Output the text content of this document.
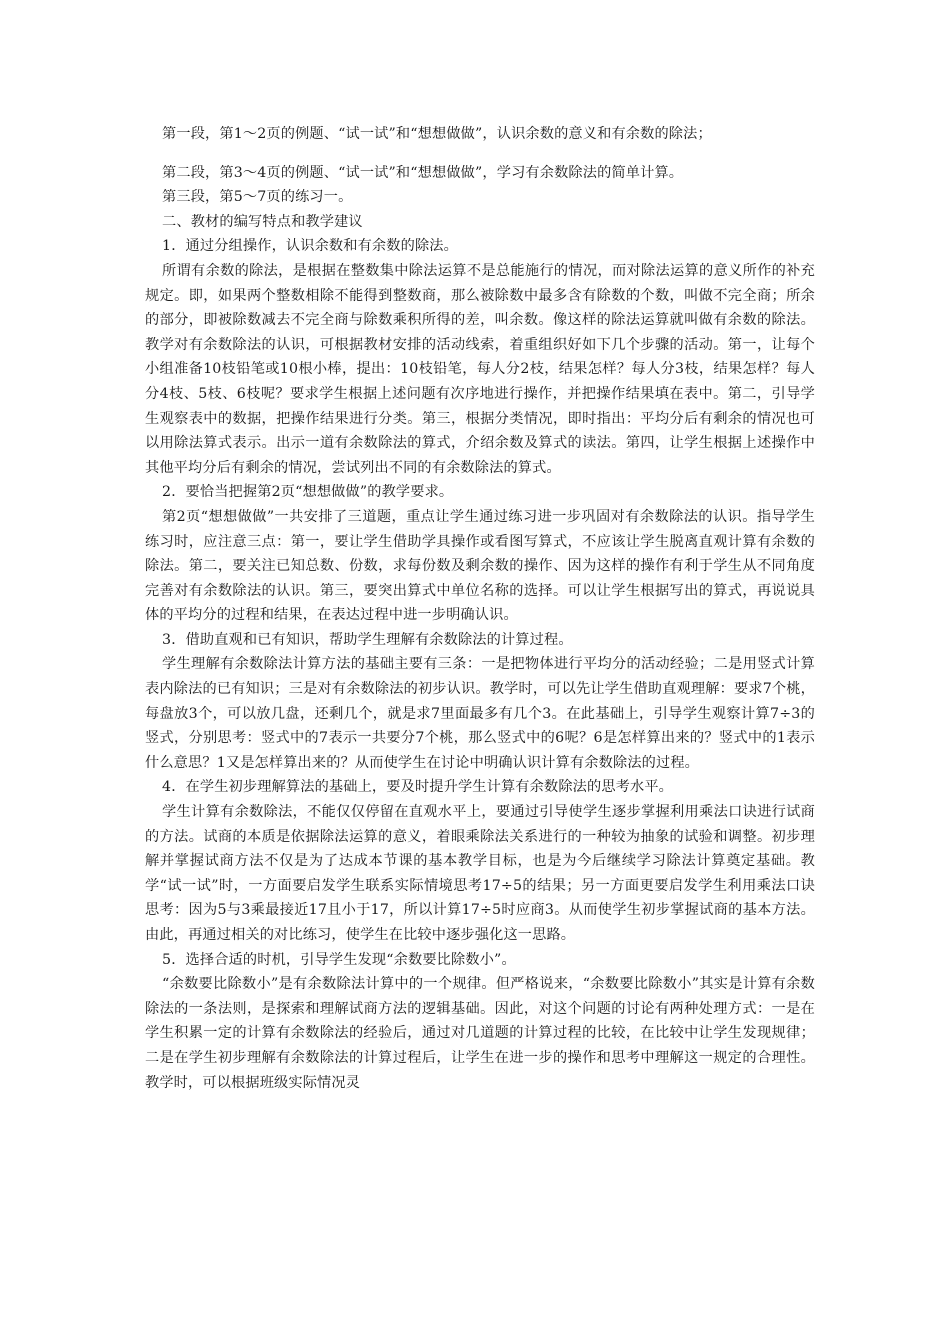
第一段，第1～2页的例题、“试一试”和“想想做做”，认识余数的意义和有余数的除法；

第二段，第3～4页的例题、“试一试”和“想想做做”，学习有余数除法的简单计算。

第三段，第5～7页的练习一。

二、教材的编写特点和教学建议

1．通过分组操作，认识余数和有余数的除法。

所谓有余数的除法，是根据在整数集中除法运算不是总能施行的情况，而对除法运算的意义所作的补充规定。即，如果两个整数相除不能得到整数商，那么被除数中最多含有除数的个数，叫做不完全商；所余的部分，即被除数减去不完全商与除数乘积所得的差，叫余数。像这样的除法运算就叫做有余数的除法。教学对有余数除法的认识，可根据教材安排的活动线索，着重组织好如下几个步骤的活动。第一，让每个小组准备10枝铅笔或10根小棒，提出：10枝铅笔，每人分2枝，结果怎样？每人分3枝，结果怎样？每人分4枝、5枝、6枝呢？要求学生根据上述问题有次序地进行操作，并把操作结果填在表中。第二，引导学生观察表中的数据，把操作结果进行分类。第三，根据分类情况，即时指出：平均分后有剩余的情况也可以用除法算式表示。出示一道有余数除法的算式，介绍余数及算式的读法。第四，让学生根据上述操作中其他平均分后有剩余的情况，尝试列出不同的有余数除法的算式。

2．要恰当把握第2页“想想做做”的教学要求。

第2页“想想做做”一共安排了三道题，重点让学生通过练习进一步巩固对有余数除法的认识。指导学生练习时，应注意三点：第一，要让学生借助学具操作或看图写算式，不应该让学生脱离直观计算有余数的除法。第二，要关注已知总数、份数，求每份数及剩余数的操作、因为这样的操作有利于学生从不同角度完善对有余数除法的认识。第三，要突出算式中单位名称的选择。可以让学生根据写出的算式，再说说具体的平均分的过程和结果，在表达过程中进一步明确认识。

3．借助直观和已有知识，帮助学生理解有余数除法的计算过程。

学生理解有余数除法计算方法的基础主要有三条：一是把物体进行平均分的活动经验；二是用竖式计算表内除法的已有知识；三是对有余数除法的初步认识。教学时，可以先让学生借助直观理解：要求7个桃，每盘放3个，可以放几盘，还剩几个，就是求7里面最多有几个3。在此基础上，引导学生观察计算7÷3的竖式，分别思考：竖式中的7表示一共要分7个桃，那么竖式中的6呢？6是怎样算出来的？竖式中的1表示什么意思？1又是怎样算出来的？从而使学生在讨论中明确认识计算有余数除法的过程。

4．在学生初步理解算法的基础上，要及时提升学生计算有余数除法的思考水平。

学生计算有余数除法，不能仅仅停留在直观水平上，要通过引导使学生逐步掌握利用乘法口诀进行试商的方法。试商的本质是依据除法运算的意义，着眼乘除法关系进行的一种较为抽象的试验和调整。初步理解并掌握试商方法不仅是为了达成本节课的基本教学目标，也是为今后继续学习除法计算奠定基础。教学“试一试”时，一方面要启发学生联系实际情境思考17÷5的结果；另一方面更要启发学生利用乘法口诀思考：因为5与3乘最接近17且小于17，所以计算17÷5时应商3。从而使学生初步掌握试商的基本方法。由此，再通过相关的对比练习，使学生在比较中逐步强化这一思路。

5．选择合适的时机，引导学生发现“余数要比除数小”。

“余数要比除数小”是有余数除法计算中的一个规律。但严格说来，“余数要比除数小”其实是计算有余数除法的一条法则，是探索和理解试商方法的逻辑基础。因此，对这个问题的讨论有两种处理方式：一是在学生积累一定的计算有余数除法的经验后，通过对几道题的计算过程的比较，在比较中让学生发现规律；二是在学生初步理解有余数除法的计算过程后，让学生在进一步的操作和思考中理解这一规定的合理性。教学时，可以根据班级实际情况灵
